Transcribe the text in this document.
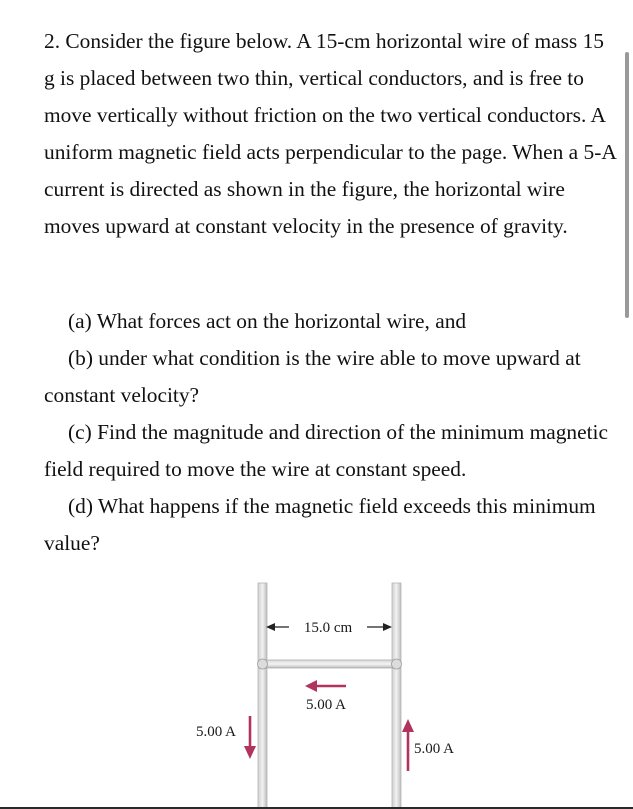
2. Consider the figure below. A 15-cm horizontal wire of mass 15 g is placed between two thin, vertical conductors, and is free to move vertically without friction on the two vertical conductors. A uniform magnetic field acts perpendicular to the page. When a 5-A current is directed as shown in the figure, the horizontal wire moves upward at constant velocity in the presence of gravity.

(a) What forces act on the horizontal wire, and

(b) under what condition is the wire able to move upward at constant velocity?

(c) Find the magnitude and direction of the minimum magnetic field required to move the wire at constant speed.

(d) What happens if the magnetic field exceeds this minimum value?

15.0 cm
5.00 A
5.00 A
5.00 A
